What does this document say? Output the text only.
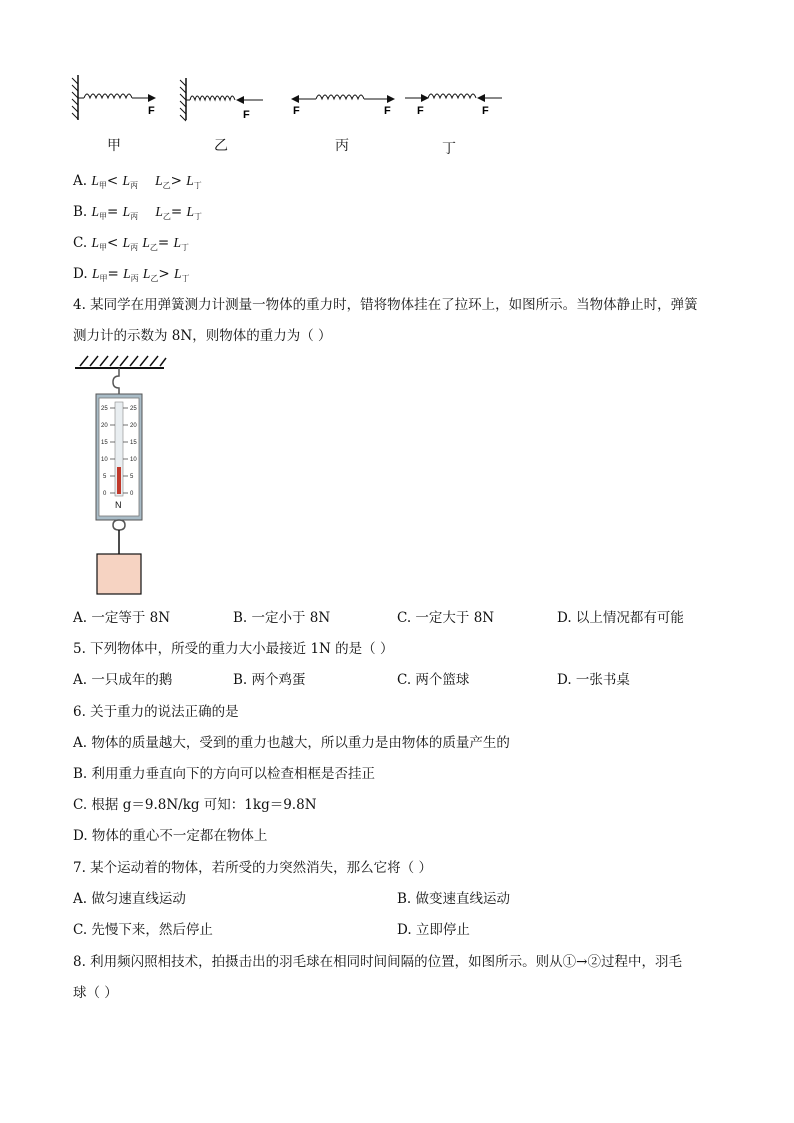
F	F	F	F F	F
甲	乙	丙	丁
A. $L_甲< L_丙$ $L_乙> L_丁$
B. $L_甲= L_丙$ $L_乙= L_丁$
C. $L_甲< L_丙$ $L_乙= L_丁$
D. $L_甲= L_丙$ $L_乙> L_丁$
4. 某同学在用弹簧测力计测量一物体的重力时，错将物体挂在了拉环上，如图所示。当物体静止时，弹簧
测力计的示数为 8N，则物体的重力为（ ）
25
20
15
10
5
0
25
20
15
10
5
0
N
A. 一定等于 8N	B. 一定小于 8N	C. 一定大于 8N	D. 以上情况都有可能
5. 下列物体中，所受的重力大小最接近 1N 的是（ ）
A. 一只成年的鹅	B. 两个鸡蛋	C. 两个篮球	D. 一张书桌
6. 关于重力的说法正确的是
A. 物体的质量越大，受到的重力也越大，所以重力是由物体的质量产生的
B. 利用重力垂直向下的方向可以检查相框是否挂正
C. 根据 g＝9.8N/kg 可知：1kg＝9.8N
D. 物体的重心不一定都在物体上
7. 某个运动着的物体，若所受的力突然消失，那么它将（ ）
A. 做匀速直线运动	B. 做变速直线运动
C. 先慢下来，然后停止	D. 立即停止
8. 利用频闪照相技术，拍摄击出的羽毛球在相同时间间隔的位置，如图所示。则从①→②过程中，羽毛
球（ ）
